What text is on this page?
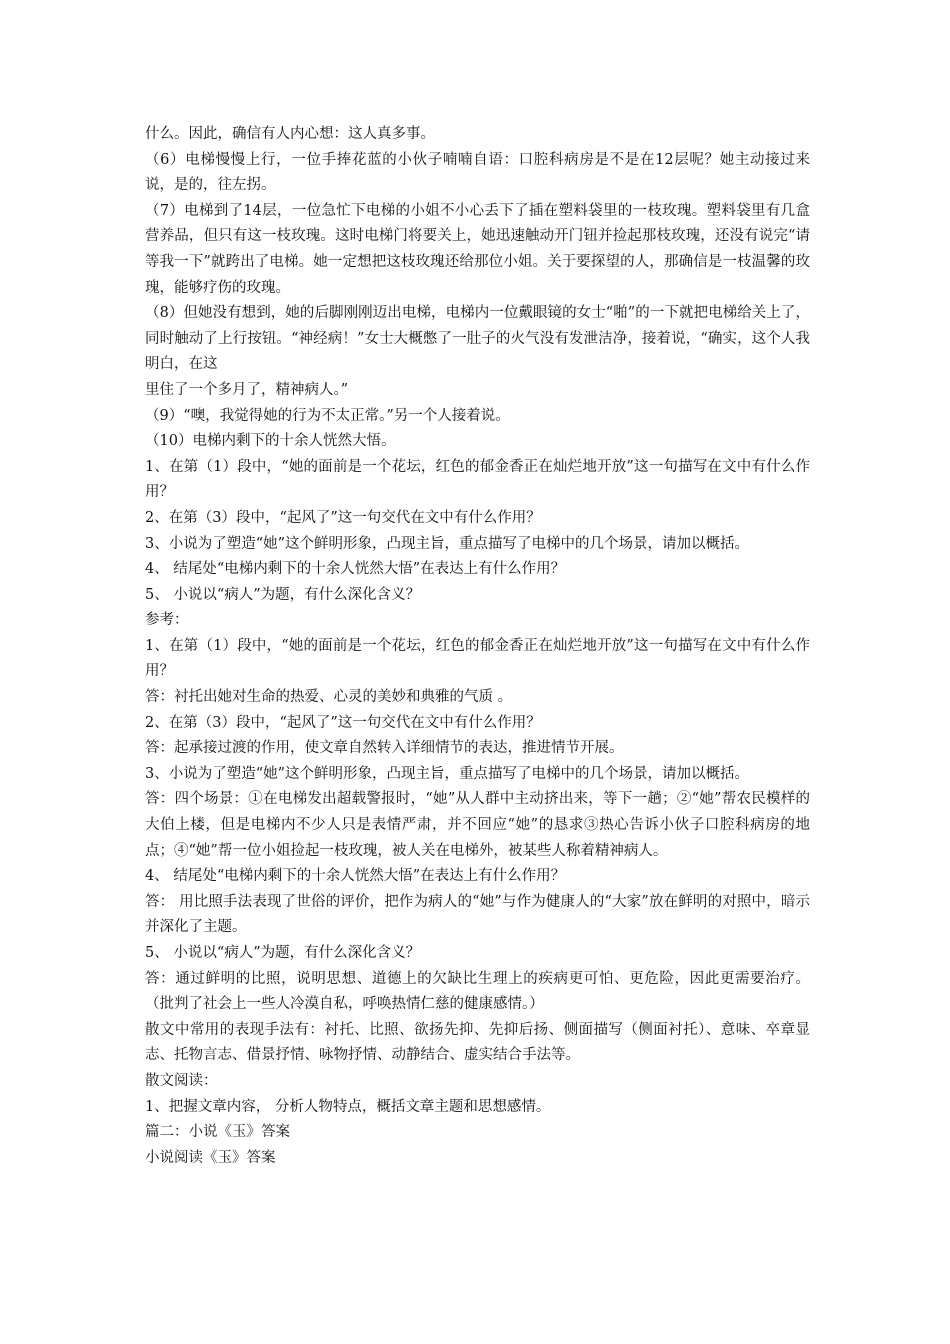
什么。因此，确信有人内心想：这人真多事。

（6）电梯慢慢上行，一位手捧花蓝的小伙子喃喃自语：口腔科病房是不是在12层呢？她主动接过来说，是的，往左拐。

（7）电梯到了14层，一位急忙下电梯的小姐不小心丢下了插在塑料袋里的一枝玫瑰。塑料袋里有几盒营养品，但只有这一枝玫瑰。这时电梯门将要关上，她迅速触动开门钮并捡起那枝玫瑰，还没有说完“请等我一下”就跨出了电梯。她一定想把这枝玫瑰还给那位小姐。关于要探望的人，那确信是一枝温馨的玫瑰，能够疗伤的玫瑰。

（8）但她没有想到，她的后脚刚刚迈出电梯，电梯内一位戴眼镜的女士“啪”的一下就把电梯给关上了，同时触动了上行按钮。“神经病！”女士大概憋了一肚子的火气没有发泄洁净，接着说，“确实，这个人我明白，在这

里住了一个多月了，精神病人。”

（9）“噢，我觉得她的行为不太正常。”另一个人接着说。

（10）电梯内剩下的十余人恍然大悟。

1、在第（1）段中，“她的面前是一个花坛，红色的郁金香正在灿烂地开放”这一句描写在文中有什么作用？

2、在第（3）段中，“起风了”这一句交代在文中有什么作用？

3、小说为了塑造“她”这个鲜明形象，凸现主旨，重点描写了电梯中的几个场景，请加以概括。

4、 结尾处“电梯内剩下的十余人恍然大悟”在表达上有什么作用？

5、 小说以“病人”为题，有什么深化含义？

参考：

1、在第（1）段中，“她的面前是一个花坛，红色的郁金香正在灿烂地开放”这一句描写在文中有什么作用？

答：衬托出她对生命的热爱、心灵的美妙和典雅的气质 。

2、在第（3）段中，“起风了”这一句交代在文中有什么作用？

答：起承接过渡的作用，使文章自然转入详细情节的表达，推进情节开展。

3、小说为了塑造“她”这个鲜明形象，凸现主旨，重点描写了电梯中的几个场景，请加以概括。

答：四个场景：①在电梯发出超载警报时，“她”从人群中主动挤出来，等下一趟；②“她”帮农民模样的大伯上楼，但是电梯内不少人只是表情严肃，并不回应“她”的恳求③热心告诉小伙子口腔科病房的地点；④“她”帮一位小姐捡起一枝玫瑰，被人关在电梯外，被某些人称着精神病人。

4、 结尾处“电梯内剩下的十余人恍然大悟”在表达上有什么作用？

答： 用比照手法表现了世俗的评价，把作为病人的“她”与作为健康人的“大家”放在鲜明的对照中，暗示并深化了主题。

5、 小说以“病人”为题，有什么深化含义？

答：通过鲜明的比照，说明思想、道德上的欠缺比生理上的疾病更可怕、更危险，因此更需要治疗。 （批判了社会上一些人冷漠自私，呼唤热情仁慈的健康感情。）

散文中常用的表现手法有：衬托、比照、欲扬先抑、先抑后扬、侧面描写（侧面衬托）、意味、卒章显志、托物言志、借景抒情、咏物抒情、动静结合、虚实结合手法等。

散文阅读：

1、把握文章内容， 分析人物特点，概括文章主题和思想感情。

篇二：小说《玉》答案

小说阅读《玉》答案
